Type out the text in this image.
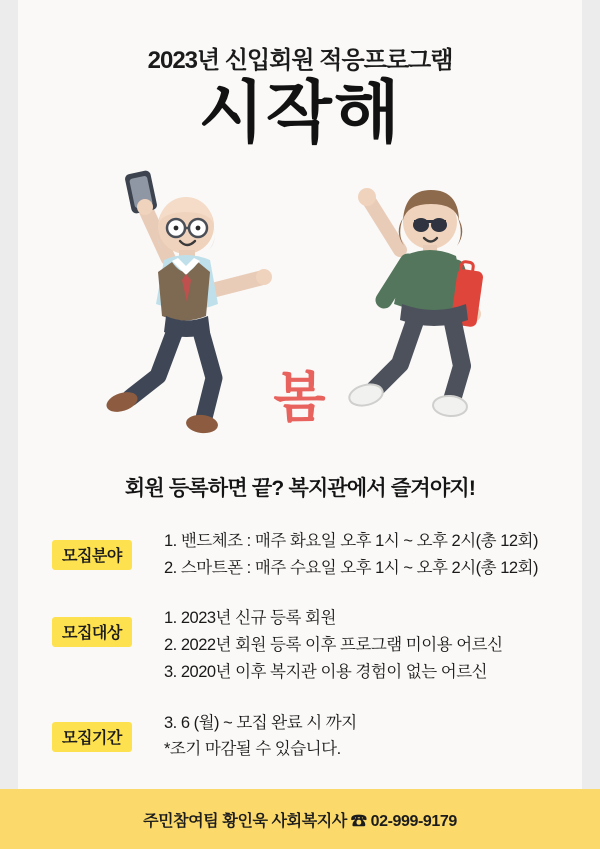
2023년 신입회원 적응프로그램
시작해
봄
회원 등록하면 끝? 복지관에서 즐겨야지!
모집분야
1. 밴드체조 : 매주 화요일 오후 1시 ~ 오후 2시(총 12회)
2. 스마트폰 : 매주 수요일 오후 1시 ~ 오후 2시(총 12회)
모집대상
1. 2023년 신규 등록 회원
2. 2022년 회원 등록 이후 프로그램 미이용 어르신
3. 2020년 이후 복지관 이용 경험이 없는 어르신
모집기간
3. 6 (월) ~ 모집 완료 시 까지
*조기 마감될 수 있습니다.
주민참여팀 황인욱 사회복지사 ☎ 02-999-9179
